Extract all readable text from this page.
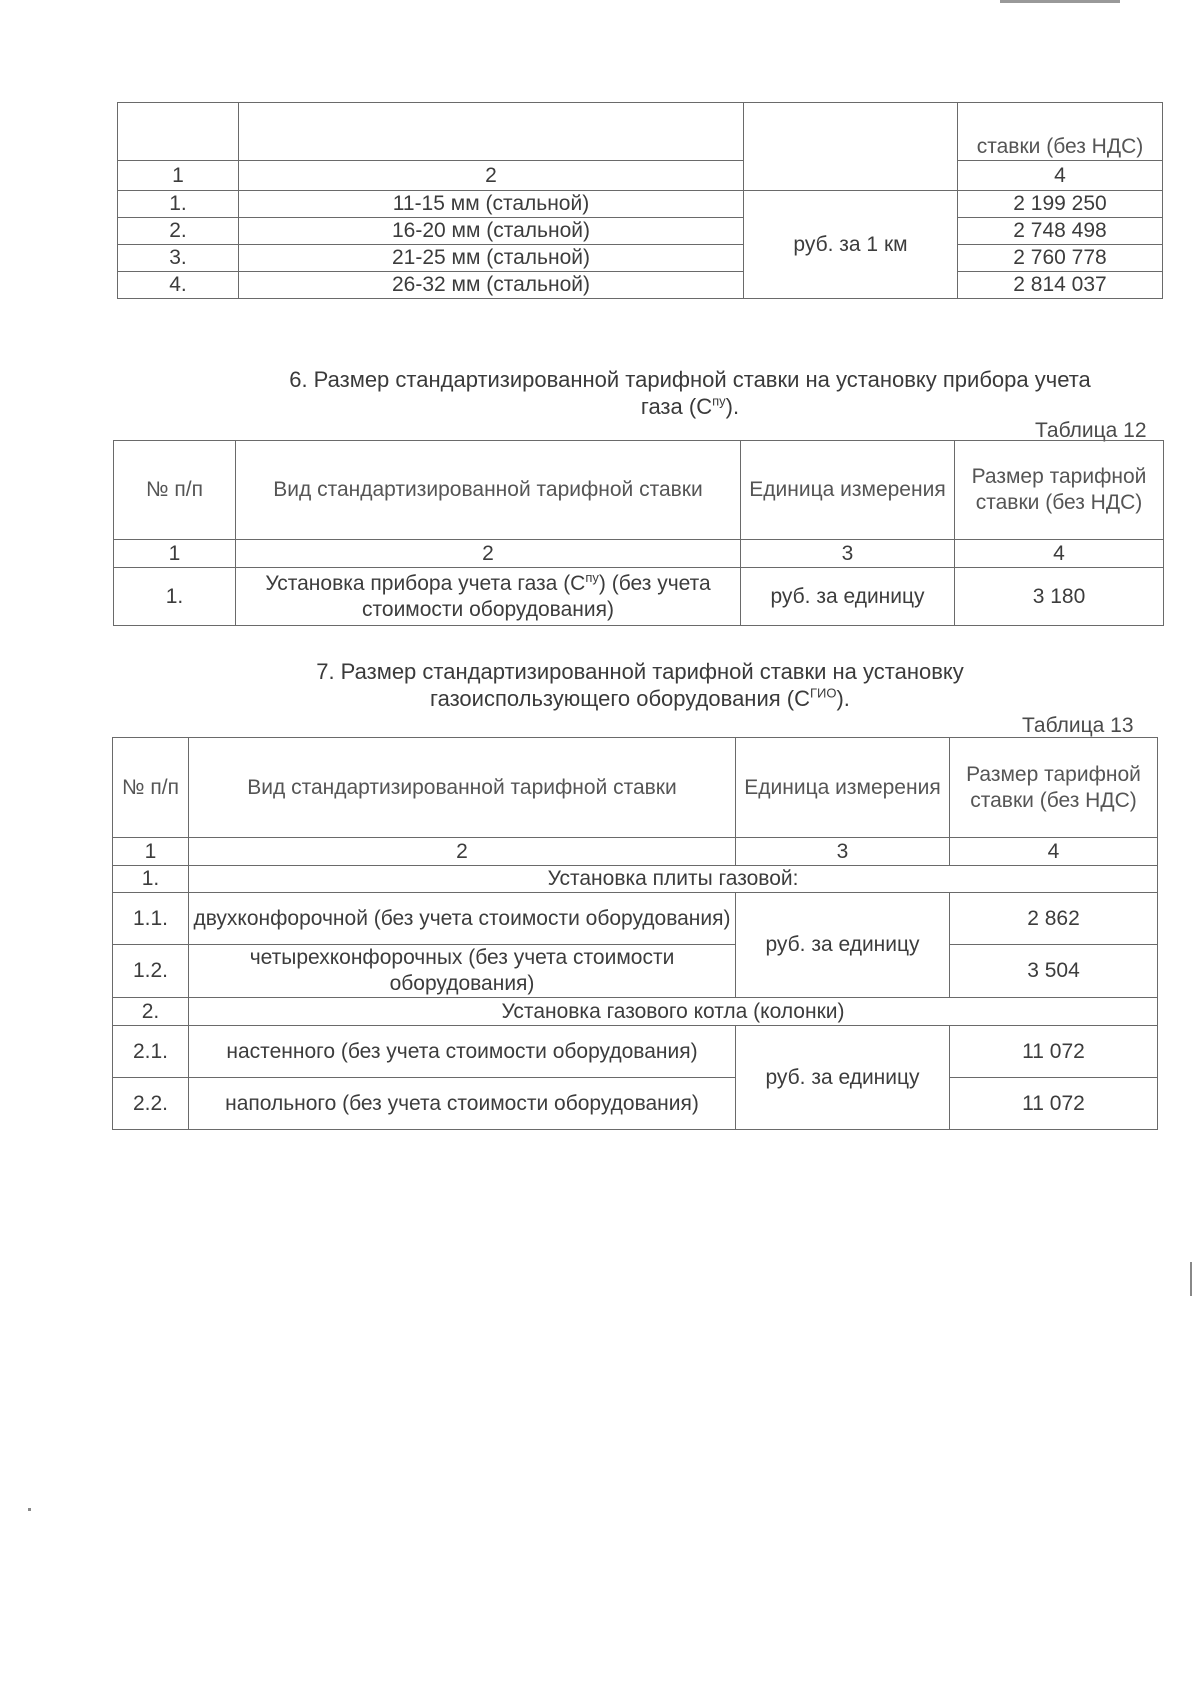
			ставки (без НДС)
1	2		4
1.	11-15 мм (стальной)	руб. за 1 км	2 199 250
2.	16-20 мм (стальной)		2 748 498
3.	21-25 мм (стальной)		2 760 778
4.	26-32 мм (стальной)		2 814 037
6. Размер стандартизированной тарифной ставки на установку прибора учета
газа $(С^{пу})$.
Таблица 12
№ п/п	Вид стандартизированной тарифной ставки	Единица измерения	Размер тарифной ставки (без НДС)
1	2	3	4
1.	Установка прибора учета газа $(С^{пу})$ (без учета стоимости оборудования)	руб. за единицу	3 180
7. Размер стандартизированной тарифной ставки на установку
газоиспользующего оборудования $(С^{ГИО})$.
Таблица 13
№ п/п	Вид стандартизированной тарифной ставки	Единица измерения	Размер тарифной ставки (без НДС)
1	2	3	4
1.	Установка плиты газовой:		
1.1.	двухконфорочной (без учета стоимости оборудования)	руб. за единицу	2 862
1.2.	четырехконфорочных (без учета стоимости оборудования)		3 504
2.	Установка газового котла (колонки)		
2.1.	настенного (без учета стоимости оборудования)	руб. за единицу	11 072
2.2.	напольного (без учета стоимости оборудования)		11 072
